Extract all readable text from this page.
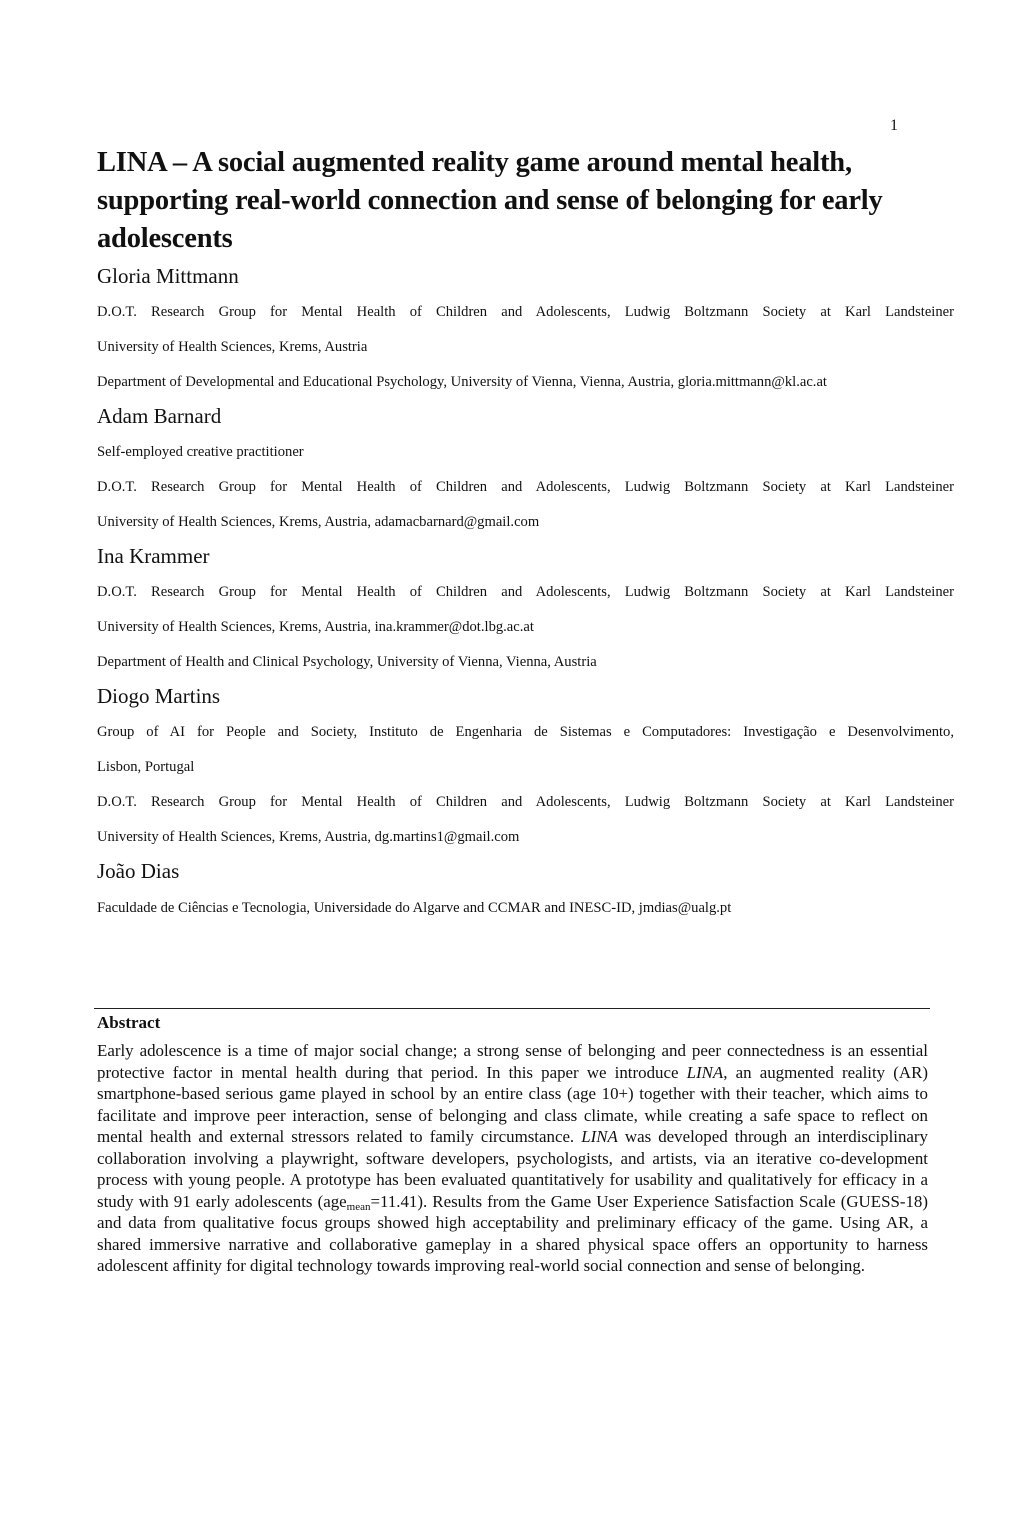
1
LINA – A social augmented reality game around mental health, supporting real-world connection and sense of belonging for early adolescents
Gloria Mittmann

D.O.T. Research Group for Mental Health of Children and Adolescents, Ludwig Boltzmann Society at Karl Landsteiner

University of Health Sciences, Krems, Austria

Department of Developmental and Educational Psychology, University of Vienna, Vienna, Austria, gloria.mittmann@kl.ac.at

Adam Barnard

Self-employed creative practitioner

D.O.T. Research Group for Mental Health of Children and Adolescents, Ludwig Boltzmann Society at Karl Landsteiner

University of Health Sciences, Krems, Austria, adamacbarnard@gmail.com

Ina Krammer

D.O.T. Research Group for Mental Health of Children and Adolescents, Ludwig Boltzmann Society at Karl Landsteiner

University of Health Sciences, Krems, Austria, ina.krammer@dot.lbg.ac.at

Department of Health and Clinical Psychology, University of Vienna, Vienna, Austria

Diogo Martins

Group of AI for People and Society, Instituto de Engenharia de Sistemas e Computadores: Investigação e Desenvolvimento,

Lisbon, Portugal

D.O.T. Research Group for Mental Health of Children and Adolescents, Ludwig Boltzmann Society at Karl Landsteiner

University of Health Sciences, Krems, Austria, dg.martins1@gmail.com

João Dias

Faculdade de Ciências e Tecnologia, Universidade do Algarve and CCMAR and INESC-ID, jmdias@ualg.pt

Abstract

Early adolescence is a time of major social change; a strong sense of belonging and peer connectedness is an essential protective factor in mental health during that period. In this paper we introduce LINA, an augmented reality (AR) smartphone-based serious game played in school by an entire class (age 10+) together with their teacher, which aims to facilitate and improve peer interaction, sense of belonging and class climate, while creating a safe space to reflect on mental health and external stressors related to family circumstance. LINA was developed through an interdisciplinary collaboration involving a playwright, software developers, psychologists, and artists, via an iterative co-development process with young people. A prototype has been evaluated quantitatively for usability and qualitatively for efficacy in a study with 91 early adolescents (age$_{mean}$=11.41). Results from the Game User Experience Satisfaction Scale (GUESS-18) and data from qualitative focus groups showed high acceptability and preliminary efficacy of the game. Using AR, a shared immersive narrative and collaborative gameplay in a shared physical space offers an opportunity to harness adolescent affinity for digital technology towards improving real-world social connection and sense of belonging.
